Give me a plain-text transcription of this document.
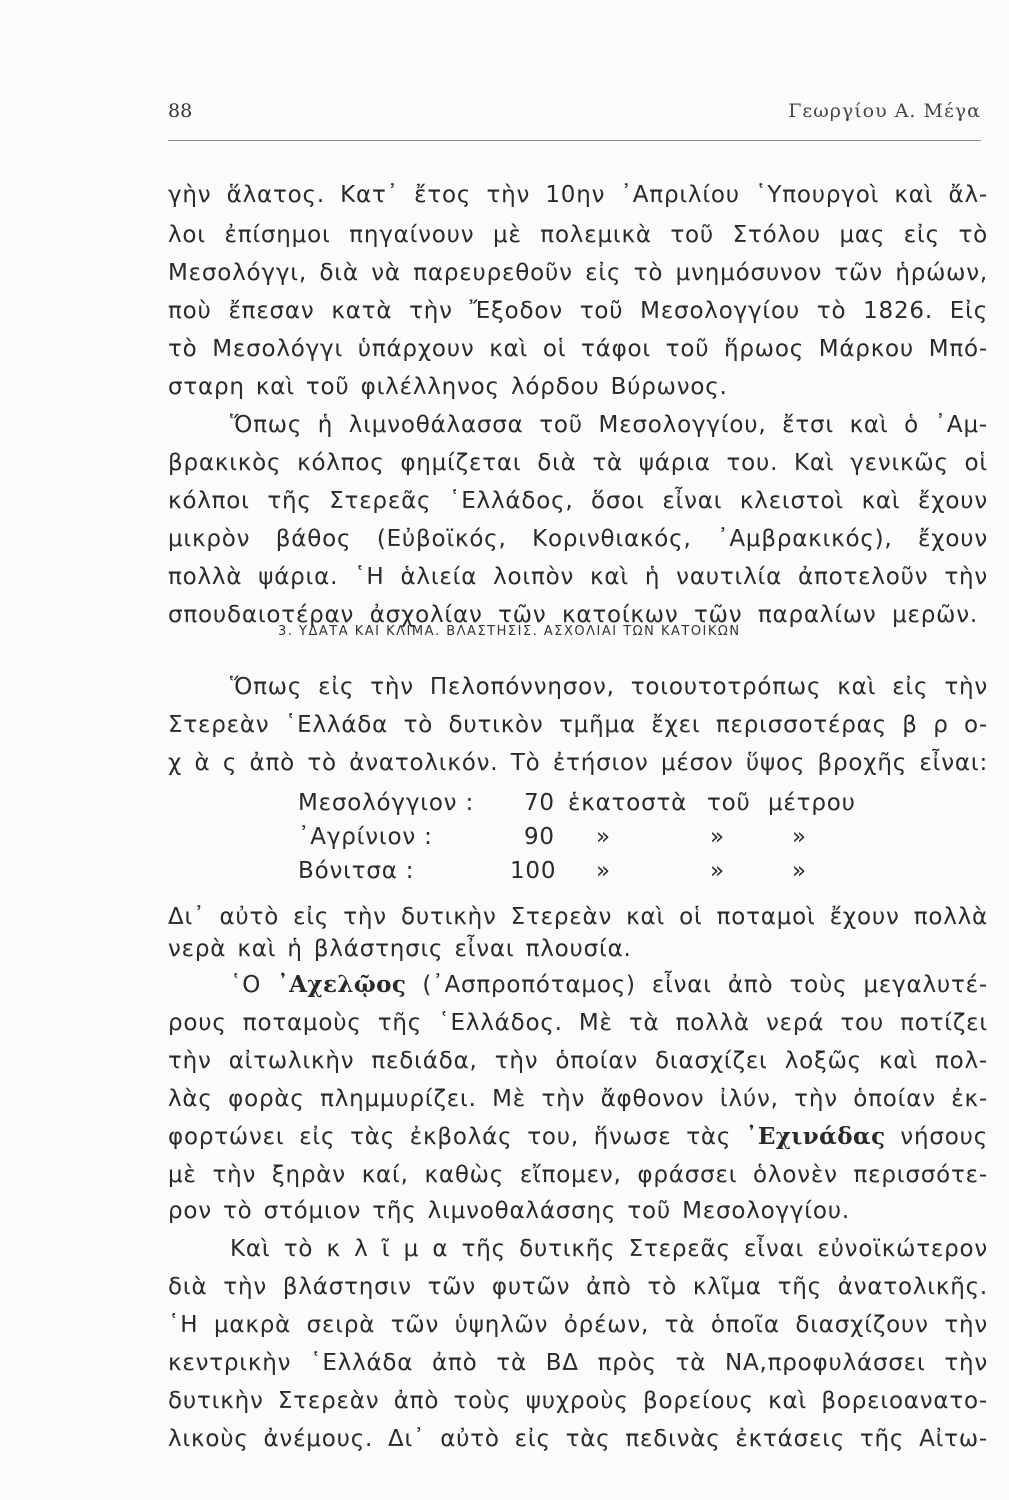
88	Γεωργίου Α. Μέγα
γὴν ἅλατος. Κατ᾽ ἔτος τὴν 10ην ᾽Απριλίου ῾Υπουργοὶ καὶ ἄλ-
λοι ἐπίσημοι πηγαίνουν μὲ πολεμικὰ τοῦ Στόλου μας εἰς τὸ
Μεσολόγγι, διὰ νὰ παρευρεθοῦν εἰς τὸ μνημόσυνον τῶν ἡρώων,
ποὺ ἔπεσαν κατὰ τὴν Ἔξοδον τοῦ Μεσολογγίου τὸ 1826. Εἰς
τὸ Μεσολόγγι ὑπάρχουν καὶ οἱ τάφοι τοῦ ἥρωος Μάρκου Μπό-
σταρη καὶ τοῦ φιλέλληνος λόρδου Βύρωνος.
Ὅπως ἡ λιμνοθάλασσα τοῦ Μεσολογγίου, ἔτσι καὶ ὁ ᾽Αμ-
βρακικὸς κόλπος φημίζεται διὰ τὰ ψάρια του. Καὶ γενικῶς οἱ
κόλποι τῆς Στερεᾶς ῾Ελλάδος, ὅσοι εἶναι κλειστοὶ καὶ ἔχουν
μικρὸν βάθος (Εὐβοϊκός, Κορινθιακός, ᾽Αμβρακικός), ἔχουν
πολλὰ ψάρια. ῾Η ἁλιεία λοιπὸν καὶ ἡ ναυτιλία ἀποτελοῦν τὴν
σπουδαιοτέραν ἀσχολίαν τῶν κατοίκων τῶν παραλίων μερῶν.
3. ΥΔΑΤΑ ΚΑΙ ΚΛΙΜΑ. ΒΛΑΣΤΗΣΙΣ. ΑΣΧΟΛΙΑΙ ΤΩΝ ΚΑΤΟΙΚΩΝ
Ὅπως εἰς τὴν Πελοπόννησον, τοιουτοτρόπως καὶ εἰς τὴν
Στερεὰν ῾Ελλάδα τὸ δυτικὸν τμῆμα ἔχει περισσοτέρας β ρ ο-
χ ὰ ς ἀπὸ τὸ ἀνατολικόν. Τὸ ἐτήσιον μέσον ὕψος βροχῆς εἶναι:
Μεσολόγγιον : 70 ἑκατοστὰ τοῦ μέτρου
᾽Αγρίνιον :	90 »	»	»
Βόνιτσα :	100 »	»	»
Δι᾽ αὐτὸ εἰς τὴν δυτικὴν Στερεὰν καὶ οἱ ποταμοὶ ἔχουν πολλὰ
νερὰ καὶ ἡ βλάστησις εἶναι πλουσία.
῾Ο ᾽Αχελῷος (᾽Ασπροπόταμος) εἶναι ἀπὸ τοὺς μεγαλυτέ-
ρους ποταμοὺς τῆς ῾Ελλάδος. Μὲ τὰ πολλὰ νερά του ποτίζει
τὴν αἰτωλικὴν πεδιάδα, τὴν ὁποίαν διασχίζει λοξῶς καὶ πολ-
λὰς φορὰς πλημμυρίζει. Μὲ τὴν ἄφθονον ἰλύν, τὴν ὁποίαν ἐκ-
φορτώνει εἰς τὰς ἐκβολάς του, ἥνωσε τὰς ᾽Εχινάδας νήσους
μὲ τὴν ξηρὰν καί, καθὼς εἴπομεν, φράσσει ὁλονὲν περισσότε-
ρον τὸ στόμιον τῆς λιμνοθαλάσσης τοῦ Μεσολογγίου.
Καὶ τὸ κ λ ῖ μ α τῆς δυτικῆς Στερεᾶς εἶναι εὐνοϊκώτερον
διὰ τὴν βλάστησιν τῶν φυτῶν ἀπὸ τὸ κλῖμα τῆς ἀνατολικῆς.
῾Η μακρὰ σειρὰ τῶν ὑψηλῶν ὀρέων, τὰ ὁποῖα διασχίζουν τὴν
κεντρικὴν ῾Ελλάδα ἀπὸ τὰ ΒΔ πρὸς τὰ ΝΑ,προφυλάσσει τὴν
δυτικὴν Στερεὰν ἀπὸ τοὺς ψυχροὺς βορείους καὶ βορειοανατο-
λικοὺς ἀνέμους. Δι᾽ αὐτὸ εἰς τὰς πεδινὰς ἐκτάσεις τῆς Αἰτω-
